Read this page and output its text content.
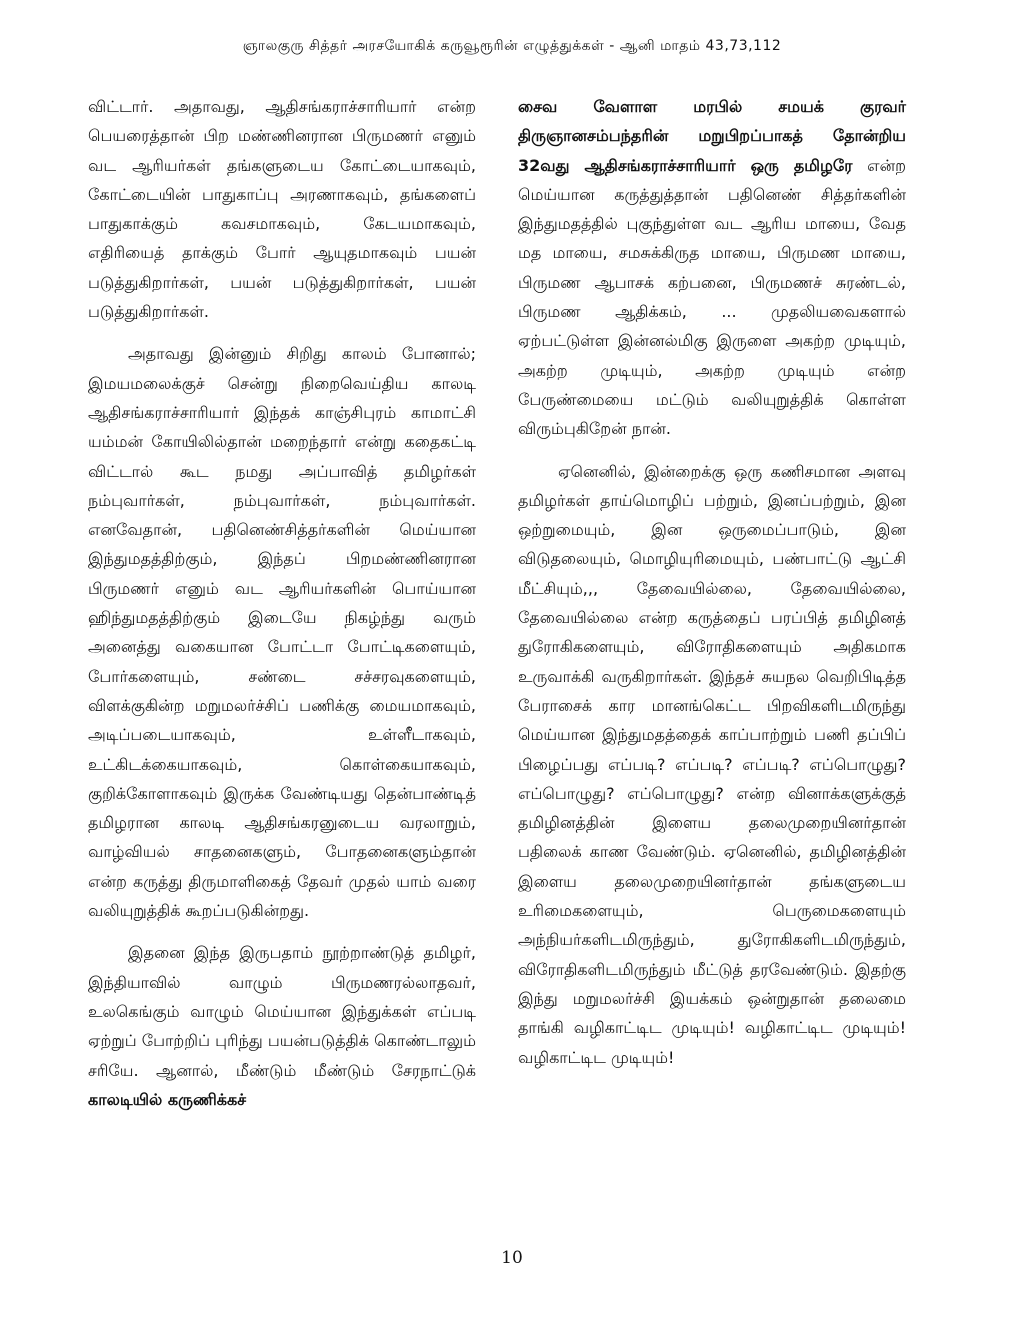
ஞாலகுரு சித்தர் அரசயோகிக் கருவூரூரின் எழுத்துக்கள் - ஆனி மாதம் 43,73,112

விட்டார். அதாவது, ஆதிசங்கராச்சாரியார் என்ற பெயரைத்தான் பிற மண்ணினரான பிருமணர் எனும் வட ஆரியர்கள் தங்களுடைய கோட்டையாகவும், கோட்டையின் பாதுகாப்பு அரணாகவும், தங்களைப் பாதுகாக்கும் கவசமாகவும், கேடயமாகவும், எதிரியைத் தாக்கும் போர் ஆயுதமாகவும் பயன் படுத்துகிறார்கள், பயன் படுத்துகிறார்கள், பயன் படுத்துகிறார்கள்.

அதாவது இன்னும் சிறிது காலம் போனால்; இமயமலைக்குச் சென்று நிறைவெய்திய காலடி ஆதிசங்கராச்சாரியார் இந்தக் காஞ்சிபுரம் காமாட்சி யம்மன் கோயிலில்தான் மறைந்தார் என்று கதைகட்டி விட்டால் கூட நமது அப்பாவித் தமிழர்கள் நம்புவார்கள், நம்புவார்கள், நம்புவார்கள். எனவேதான், பதினெண்சித்தர்களின் மெய்யான இந்துமதத்திற்கும், இந்தப் பிறமண்ணினரான பிருமணர் எனும் வட ஆரியர்களின் பொய்யான ஹிந்துமதத்திற்கும் இடையே நிகழ்ந்து வரும் அனைத்து வகையான போட்டா போட்டிகளையும், போர்களையும், சண்டை சச்சரவுகளையும், விளக்குகின்ற மறுமலர்ச்சிப் பணிக்கு மையமாகவும், அடிப்படையாகவும், உள்ளீடாகவும், உட்கிடக்கையாகவும், கொள்கையாகவும், குறிக்கோளாகவும் இருக்க வேண்டியது தென்பாண்டித் தமிழரான காலடி ஆதிசங்கரனுடைய வரலாறும், வாழ்வியல் சாதனைகளும், போதனைகளும்தான் என்ற கருத்து திருமாளிகைத் தேவர் முதல் யாம் வரை வலியுறுத்திக் கூறப்படுகின்றது.

இதனை இந்த இருபதாம் நூற்றாண்டுத் தமிழர், இந்தியாவில் வாழும் பிருமணரல்லாதவர், உலகெங்கும் வாழும் மெய்யான இந்துக்கள் எப்படி ஏற்றுப் போற்றிப் புரிந்து பயன்படுத்திக் கொண்டாலும் சரியே. ஆனால், மீண்டும் மீண்டும் சேரநாட்டுக் காலடியில் கருணிக்கச்

சைவ வேளாள மரபில் சமயக் குரவர் திருஞானசம்பந்தரின் மறுபிறப்பாகத் தோன்றிய 32வது ஆதிசங்கராச்சாரியார் ஒரு தமிழரே என்ற மெய்யான கருத்துத்தான் பதினெண் சித்தர்களின் இந்துமதத்தில் புகுந்துள்ள வட ஆரிய மாயை, வேத மத மாயை, சமசுக்கிருத மாயை, பிருமண மாயை, பிருமண ஆபாசக் கற்பனை, பிருமணச் சுரண்டல், பிருமண ஆதிக்கம், ... முதலியவைகளால் ஏற்பட்டுள்ள இன்னல்மிகு இருளை அகற்ற முடியும், அகற்ற முடியும், அகற்ற முடியும் என்ற பேருண்மையை மட்டும் வலியுறுத்திக் கொள்ள விரும்புகிறேன் நான்.

ஏனெனில், இன்றைக்கு ஒரு கணிசமான அளவு தமிழர்கள் தாய்மொழிப் பற்றும், இனப்பற்றும், இன ஒற்றுமையும், இன ஒருமைப்பாடும், இன விடுதலையும், மொழியுரிமையும், பண்பாட்டு ஆட்சி மீட்சியும்,,, தேவையில்லை, தேவையில்லை, தேவையில்லை என்ற கருத்தைப் பரப்பித் தமிழினத் துரோகிகளையும், விரோதிகளையும் அதிகமாக உருவாக்கி வருகிறார்கள். இந்தச் சுயநல வெறிபிடித்த பேராசைக் கார மானங்கெட்ட பிறவிகளிடமிருந்து மெய்யான இந்துமதத்தைக் காப்பாற்றும் பணி தப்பிப் பிழைப்பது எப்படி? எப்படி? எப்படி? எப்பொழுது? எப்பொழுது? எப்பொழுது? என்ற வினாக்களுக்குத் தமிழினத்தின் இளைய தலைமுறையினர்தான் பதிலைக் காண வேண்டும். ஏனெனில், தமிழினத்தின் இளைய தலைமுறையினர்தான் தங்களுடைய உரிமைகளையும், பெருமைகளையும் அந்நியர்களிடமிருந்தும், துரோகிகளிடமிருந்தும், விரோதிகளிடமிருந்தும் மீட்டுத் தரவேண்டும். இதற்கு இந்து மறுமலர்ச்சி இயக்கம் ஒன்றுதான் தலைமை தாங்கி வழிகாட்டிட முடியும்! வழிகாட்டிட முடியும்! வழிகாட்டிட முடியும்!

10
